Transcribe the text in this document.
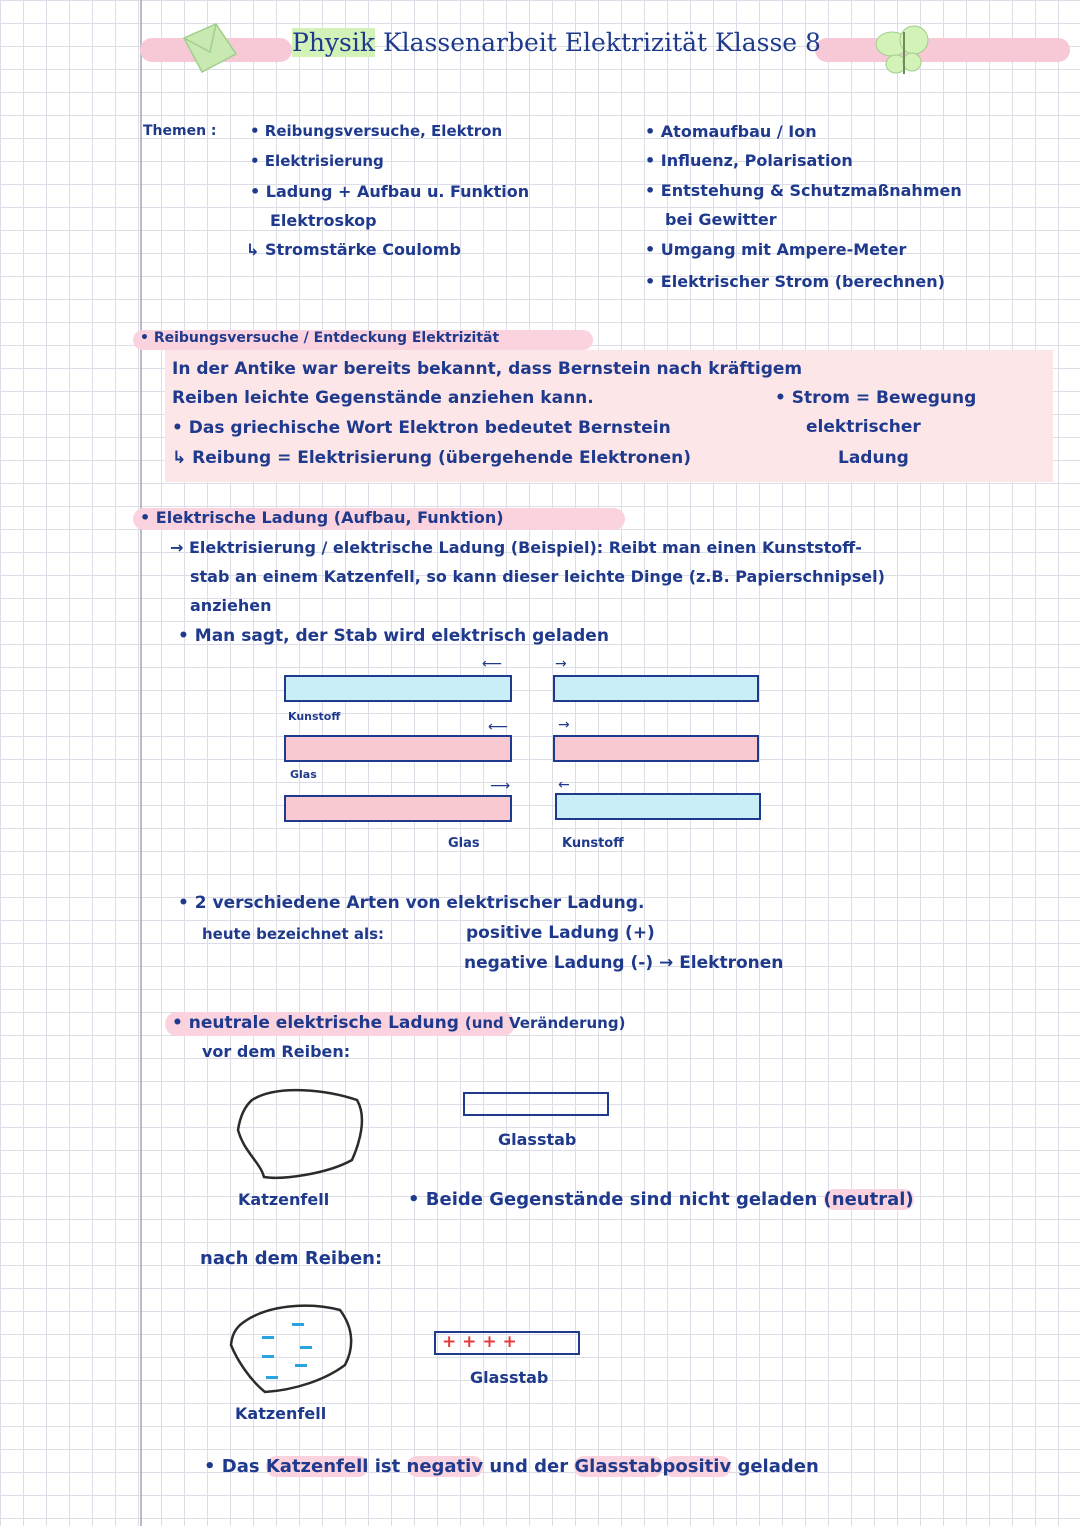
Physik Klassenarbeit Elektrizität Klasse 8
Themen : • Reibungsversuche, Elektron
• Elektrisierung
• Ladung + Aufbau u. Funktion
Elektroskop
↳ Stromstärke Coulomb
• Atomaufbau / Ion
• Influenz, Polarisation
• Entstehung & Schutzmaßnahmen
bei Gewitter
• Umgang mit Ampere-Meter
• Elektrischer Strom (berechnen)
• Reibungsversuche / Entdeckung Elektrizität
In der Antike war bereits bekannt, dass Bernstein nach kräftigem
Reiben leichte Gegenstände anziehen kann.
• Das griechische Wort Elektron bedeutet Bernstein
↳ Reibung = Elektrisierung (übergehende Elektronen)
• Strom = Bewegung
elektrischer
Ladung
• Elektrische Ladung (Aufbau, Funktion)
→ Elektrisierung / elektrische Ladung (Beispiel): Reibt man einen Kunststoff-
stab an einem Katzenfell, so kann dieser leichte Dinge (z.B. Papierschnipsel)
anziehen
• Man sagt, der Stab wird elektrisch geladen
⟵	→
Kunstoff
⟵	→
Glas
⟶	←
Glas	Kunstoff
• 2 verschiedene Arten von elektrischer Ladung.
heute bezeichnet als:	positive Ladung (+)
negative Ladung (-) → Elektronen
• neutrale elektrische Ladung (und Veränderung)
vor dem Reiben:
Glasstab
Katzenfell	• Beide Gegenstände sind nicht geladen (neutral)
nach dem Reiben:
+ + + +
Glasstab
Katzenfell
• Das Katzenfell ist negativ und der Glasstabpositiv geladen
